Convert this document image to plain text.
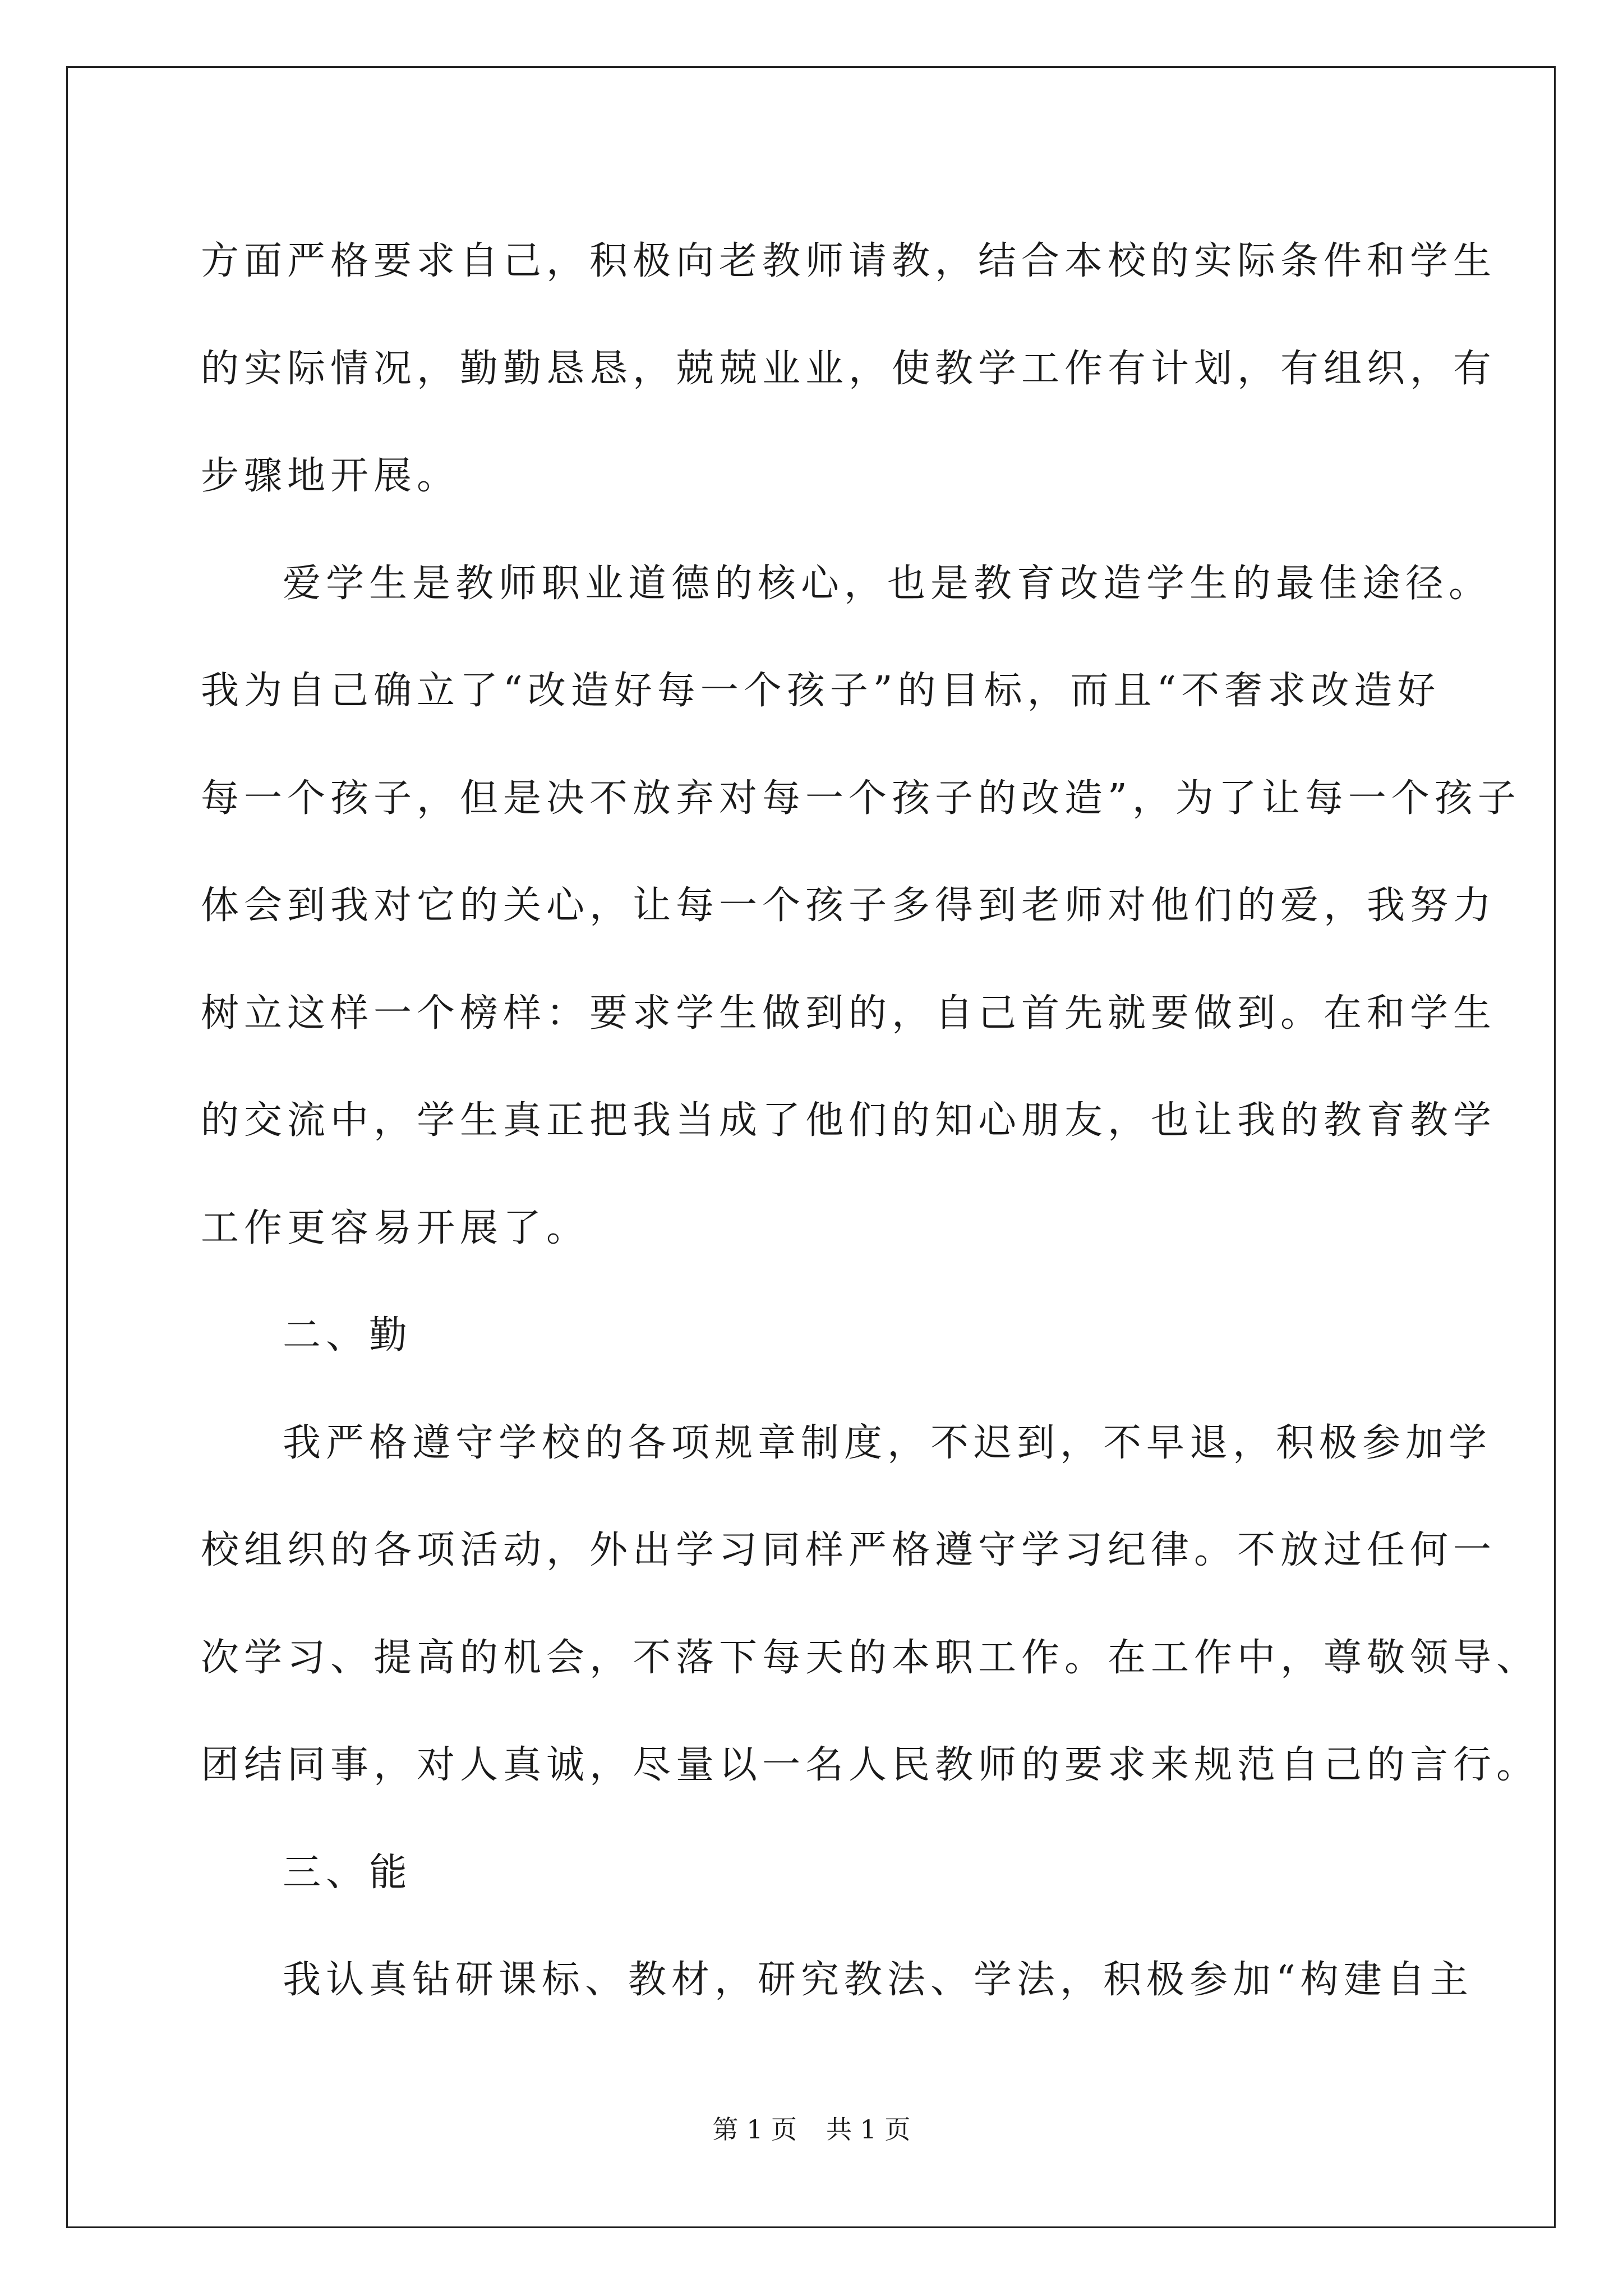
方面严格要求自己，积极向老教师请教，结合本校的实际条件和学生
的实际情况，勤勤恳恳，兢兢业业，使教学工作有计划，有组织，有
步骤地开展。
爱学生是教师职业道德的核心，也是教育改造学生的最佳途径。
我为自己确立了“改造好每一个孩子”的目标，而且“不奢求改造好
每一个孩子，但是决不放弃对每一个孩子的改造”，为了让每一个孩子
体会到我对它的关心，让每一个孩子多得到老师对他们的爱，我努力
树立这样一个榜样：要求学生做到的，自己首先就要做到。在和学生
的交流中，学生真正把我当成了他们的知心朋友，也让我的教育教学
工作更容易开展了。
二、勤
我严格遵守学校的各项规章制度，不迟到，不早退，积极参加学
校组织的各项活动，外出学习同样严格遵守学习纪律。不放过任何一
次学习、提高的机会，不落下每天的本职工作。在工作中，尊敬领导、
团结同事，对人真诚，尽量以一名人民教师的要求来规范自己的言行。
三、能
我认真钻研课标、教材，研究教法、学法，积极参加“构建自主
第 1 页 共 1 页
